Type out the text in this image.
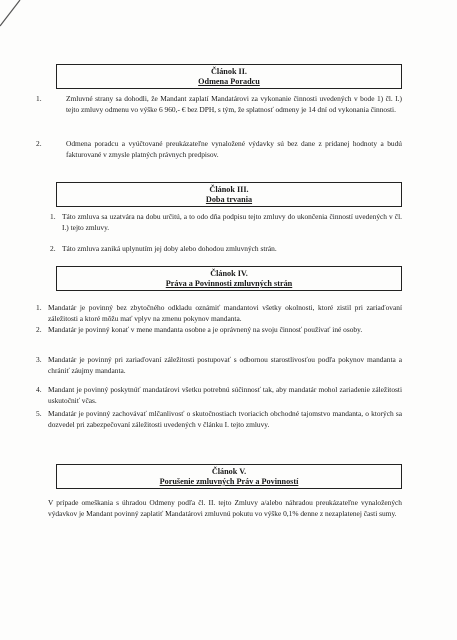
Článok II.
Odmena Poradcu
1.	Zmluvné strany sa dohodli, že Mandant zaplatí Mandatárovi za vykonanie činnosti uvedených v bode 1) čl. I.) tejto zmluvy odmenu vo výške 6 960,- € bez DPH, s tým, že splatnosť odmeny je 14 dní od vykonania činnosti.
2.	Odmena poradcu a vyúčtované preukázateľne vynaložené výdavky sú bez dane z pridanej hodnoty a budú fakturované v zmysle platných právnych predpisov.
Článok III.
Doba trvania
1. Táto zmluva sa uzatvára na dobu určitú, a to odo dňa podpisu tejto zmluvy do ukončenia činností uvedených v čl. I.) tejto zmluvy.
2. Táto zmluva zaniká uplynutím jej doby alebo dohodou zmluvných strán.
Článok IV.
Práva a Povinnosti zmluvných strán
1. Mandatár je povinný bez zbytočného odkladu oznámiť mandantovi všetky okolnosti, ktoré zistil pri zariaďovaní záležitosti a ktoré môžu mať vplyv na zmenu pokynov mandanta.
2. Mandatár je povinný konať v mene mandanta osobne a je oprávnený na svoju činnosť používať iné osoby.
3. Mandatár je povinný pri zariaďovaní záležitosti postupovať s odbornou starostlivosťou podľa pokynov mandanta a chrániť záujmy mandanta.
4. Mandant je povinný poskytnúť mandatárovi všetku potrebnú súčinnosť tak, aby mandatár mohol zariadenie záležitosti uskutočniť včas.
5. Mandatár je povinný zachovávať mlčanlivosť o skutočnostiach tvoriacich obchodné tajomstvo mandanta, o ktorých sa dozvedel pri zabezpečovaní záležitosti uvedených v článku I. tejto zmluvy.
Článok V.
Porušenie zmluvných Práv a Povinností
V prípade omeškania s úhradou Odmeny podľa čl. II. tejto Zmluvy a/alebo náhradou preukázateľne vynaložených výdavkov je Mandant povinný zaplatiť Mandatárovi zmluvnú pokutu vo výške 0,1% denne z nezaplatenej časti sumy.
